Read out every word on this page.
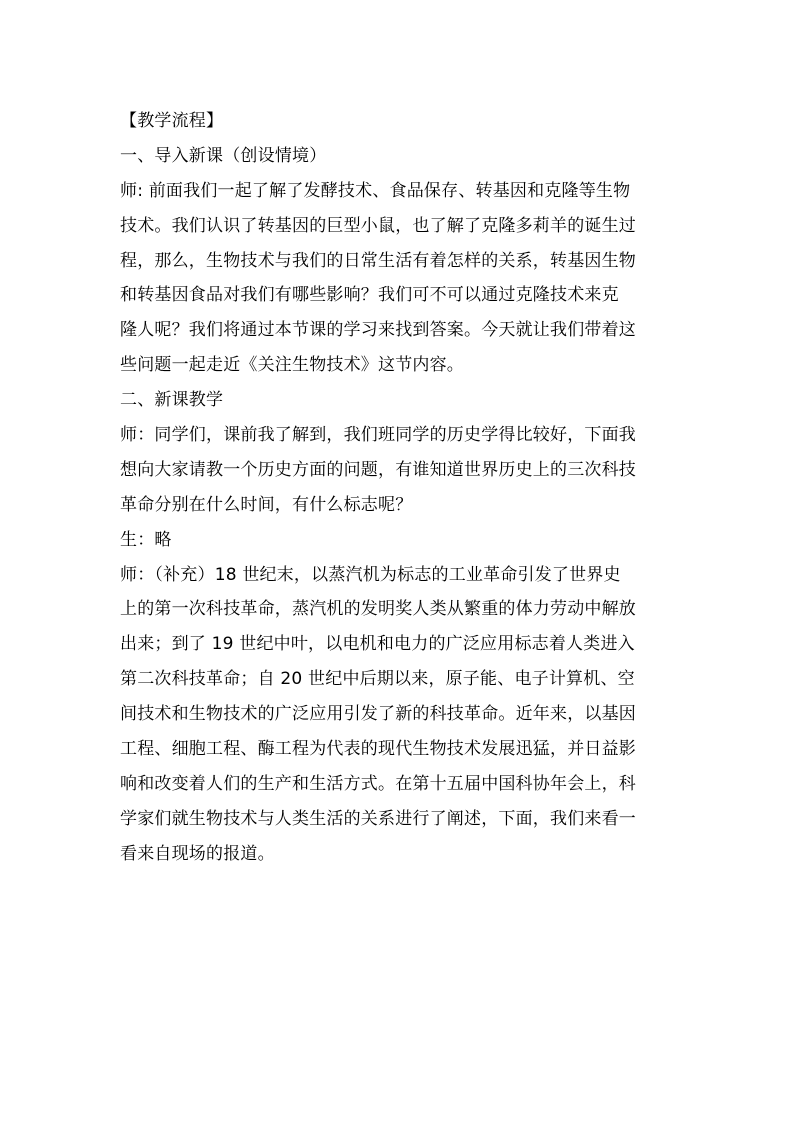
【教学流程】
一、导入新课（创设情境）
师: 前面我们一起了解了发酵技术、食品保存、转基因和克隆等生物
技术。我们认识了转基因的巨型小鼠，也了解了克隆多莉羊的诞生过
程，那么，生物技术与我们的日常生活有着怎样的关系，转基因生物
和转基因食品对我们有哪些影响？我们可不可以通过克隆技术来克
隆人呢？我们将通过本节课的学习来找到答案。今天就让我们带着这
些问题一起走近《关注生物技术》这节内容。
二、新课教学
师：同学们，课前我了解到，我们班同学的历史学得比较好，下面我
想向大家请教一个历史方面的问题，有谁知道世界历史上的三次科技
革命分别在什么时间，有什么标志呢？
生：略
师：（补充）18 世纪末，以蒸汽机为标志的工业革命引发了世界史
上的第一次科技革命，蒸汽机的发明奖人类从繁重的体力劳动中解放
出来；到了 19 世纪中叶，以电机和电力的广泛应用标志着人类进入
第二次科技革命；自 20 世纪中后期以来，原子能、电子计算机、空
间技术和生物技术的广泛应用引发了新的科技革命。近年来，以基因
工程、细胞工程、酶工程为代表的现代生物技术发展迅猛，并日益影
响和改变着人们的生产和生活方式。在第十五届中国科协年会上，科
学家们就生物技术与人类生活的关系进行了阐述，下面，我们来看一
看来自现场的报道。
